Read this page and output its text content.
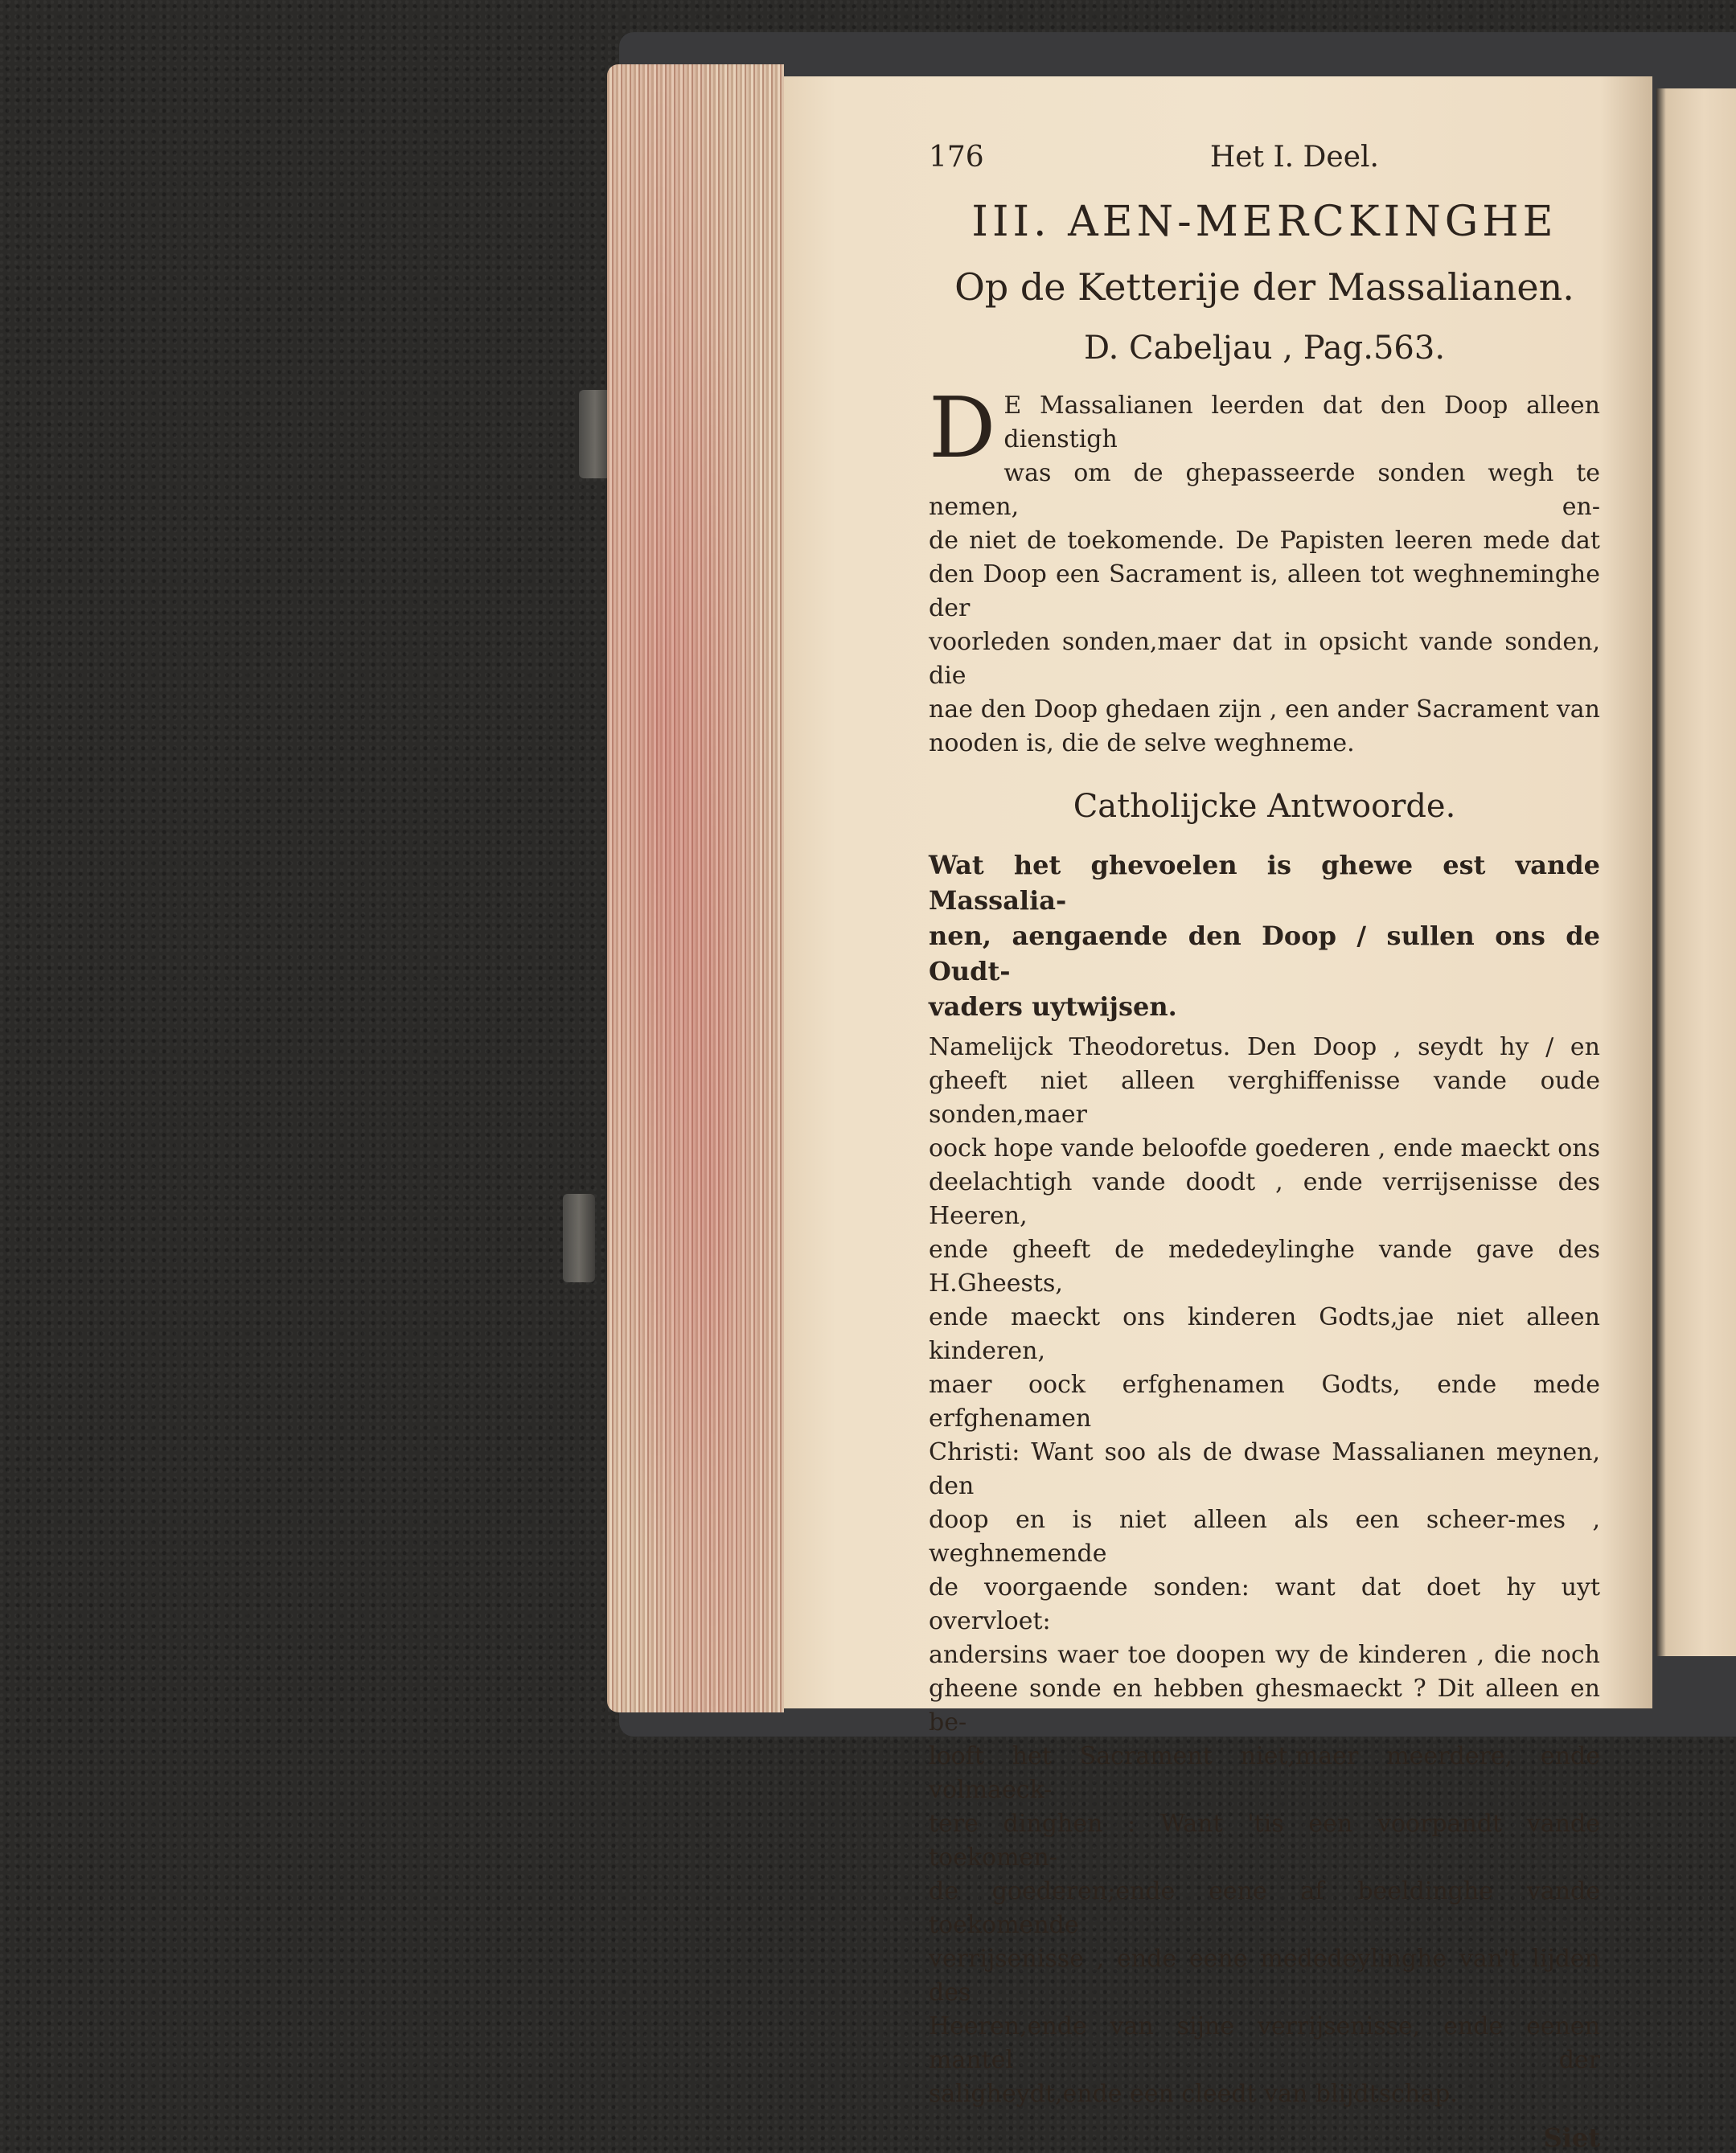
176	Het I. Deel.
III. AEN-MERCKINGHE
Op de Ketterije der Massalianen.
D. Cabeljau , Pag.563.
D E Massalianen leerden dat den Doop alleen dienstigh
was om de ghepasseerde sonden wegh te nemen, en-
de niet de toekomende. De Papisten leeren mede dat
den Doop een Sacrament is, alleen tot weghneminghe der
voorleden sonden,maer dat in opsicht vande sonden, die
nae den Doop ghedaen zijn , een ander Sacrament van
nooden is, die de selve weghneme.
Catholijcke Antwoorde.
Wat het ghevoelen is ghewe est vande Massalia-
nen, aengaende den Doop / sullen ons de Oudt-
vaders uytwijsen.
Namelijck Theodoretus. Den Doop , seydt hy / en
gheeft niet alleen verghiffenisse vande oude sonden,maer
oock hope vande beloofde goederen , ende maeckt ons
deelachtigh vande doodt , ende verrijsenisse des Heeren,
ende gheeft de mededeylinghe vande gave des H.Gheests,
ende maeckt ons kinderen Godts,jae niet alleen kinderen,
maer oock erfghenamen Godts, ende mede erfghenamen
Christi: Want soo als de dwase Massalianen meynen, den
doop en is niet alleen als een scheer-mes , weghnemende
de voorgaende sonden: want dat doet hy uyt overvloet:
andersins waer toe doopen wy de kinderen , die noch
gheene sonde en hebben ghesmaeckt ? Dit alleen en be-
looft het Sacrament niet,maer meerdere, ende volmaeck-
tere dinghen : Want 'tis een voorpandt vande toekomen-
de goederen;ende eene af beeldinghe vande toekomende
verrijsenisse , ende eene mededeylinghe van't lijden des
Heeren,ende van sijne verrijsenisse, ende eenen mantel der
saligheydt,ende een cleedt van blijdtschap.
Siet
